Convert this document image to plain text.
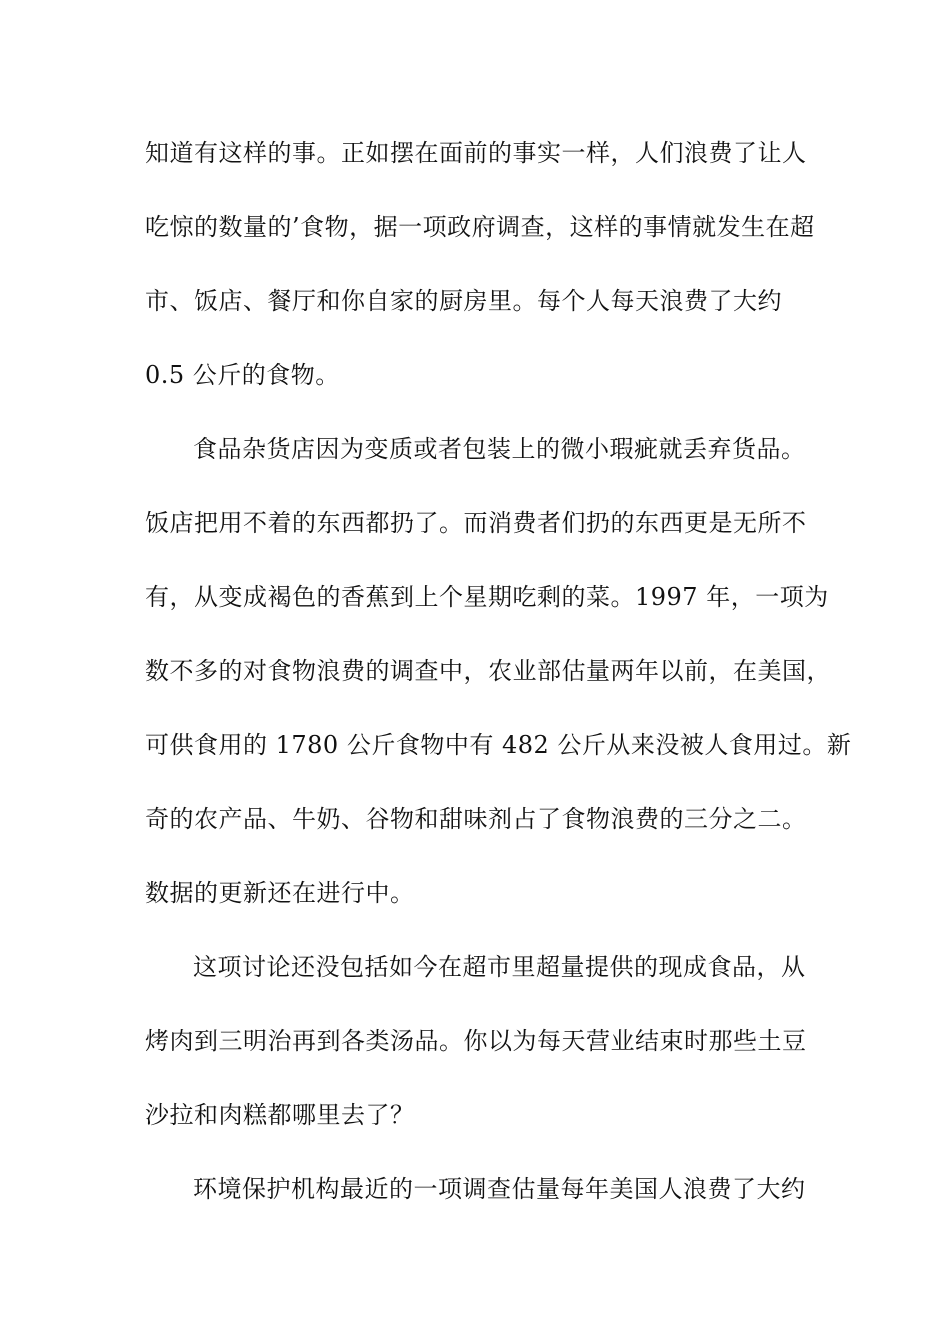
知道有这样的事。正如摆在面前的事实一样，人们浪费了让人
吃惊的数量的’食物，据一项政府调查，这样的事情就发生在超
市、饭店、餐厅和你自家的厨房里。每个人每天浪费了大约
0.5 公斤的食物。
食品杂货店因为变质或者包装上的微小瑕疵就丢弃货品。
饭店把用不着的东西都扔了。而消费者们扔的东西更是无所不
有，从变成褐色的香蕉到上个星期吃剩的菜。1997 年，一项为
数不多的对食物浪费的调查中，农业部估量两年以前，在美国，
可供食用的 1780 公斤食物中有 482 公斤从来没被人食用过。新
奇的农产品、牛奶、谷物和甜味剂占了食物浪费的三分之二。
数据的更新还在进行中。
这项讨论还没包括如今在超市里超量提供的现成食品，从
烤肉到三明治再到各类汤品。你以为每天营业结束时那些土豆
沙拉和肉糕都哪里去了？
环境保护机构最近的一项调查估量每年美国人浪费了大约
